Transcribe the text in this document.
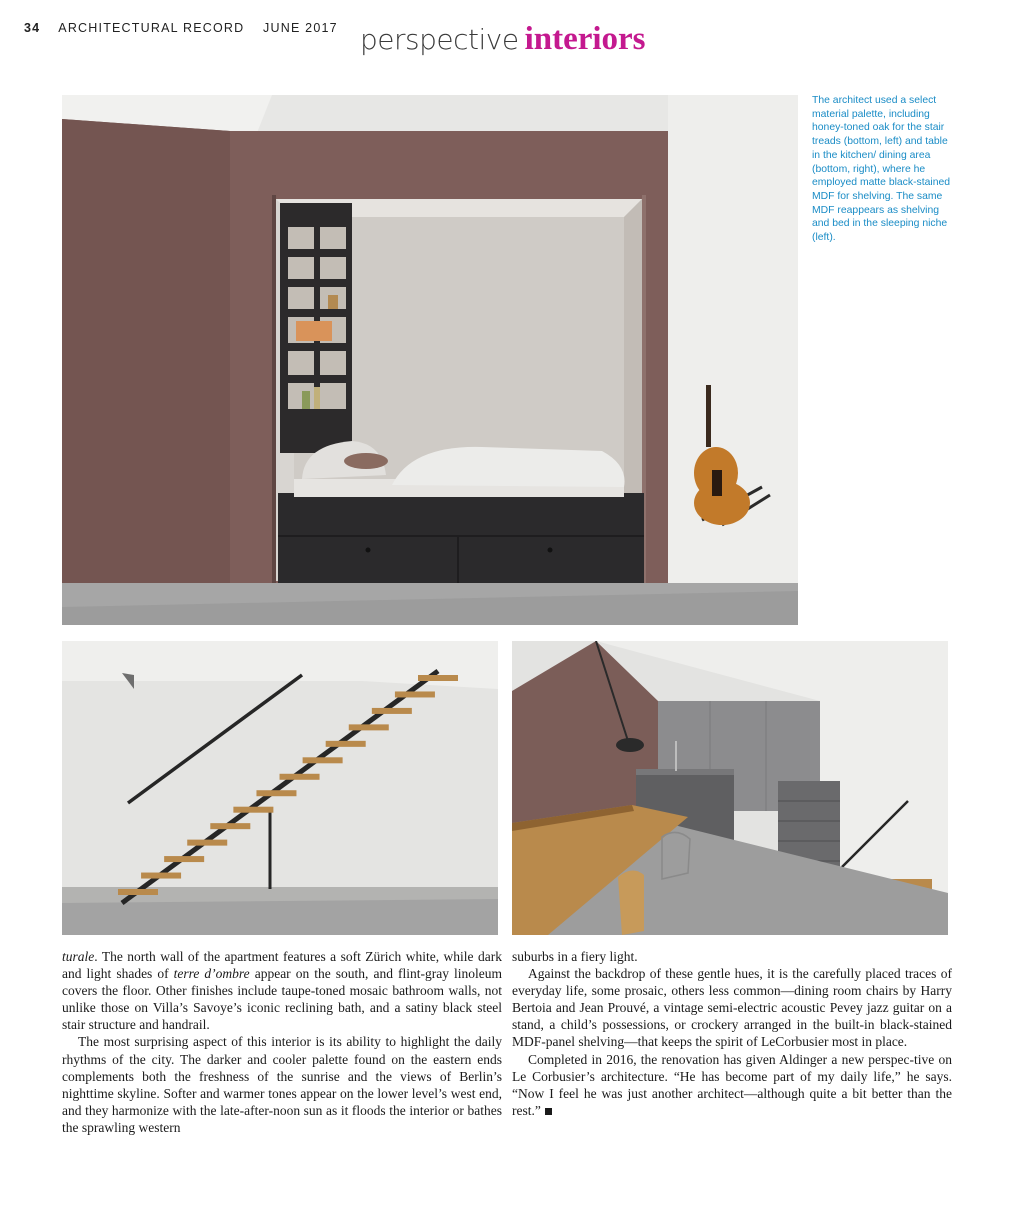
34 ARCHITECTURAL RECORD JUNE 2017 perspective interiors
The architect used a select material palette, including honey-toned oak for the stair treads (bottom, left) and table in the kitchen/ dining area (bottom, right), where he employed matte black-stained MDF for shelving. The same MDF reappears as shelving and bed in the sleeping niche (left).

turale. The north wall of the apartment features a soft Zürich white, while dark and light shades of terre d’ombre appear on the south, and flint-gray linoleum covers the floor. Other finishes include taupe-toned mosaic bathroom walls, not unlike those on Villa’s Savoye’s iconic reclining bath, and a satiny black steel stair structure and handrail.

The most surprising aspect of this interior is its ability to highlight the daily rhythms of the city. The darker and cooler palette found on the eastern ends complements both the freshness of the sunrise and the views of Berlin’s nighttime skyline. Softer and warmer tones appear on the lower level’s west end, and they harmonize with the late-after-noon sun as it floods the interior or bathes the sprawling western

suburbs in a fiery light.

Against the backdrop of these gentle hues, it is the carefully placed traces of everyday life, some prosaic, others less common—dining room chairs by Harry Bertoia and Jean Prouvé, a vintage semi-electric acoustic Pevey jazz guitar on a stand, a child’s possessions, or crockery arranged in the built-in black-stained MDF-panel shelving—that keeps the spirit of LeCorbusier most in place.

Completed in 2016, the renovation has given Aldinger a new perspec-tive on Le Corbusier’s architecture. “He has become part of my daily life,” he says. “Now I feel he was just another architect—although quite a bit better than the rest.”
